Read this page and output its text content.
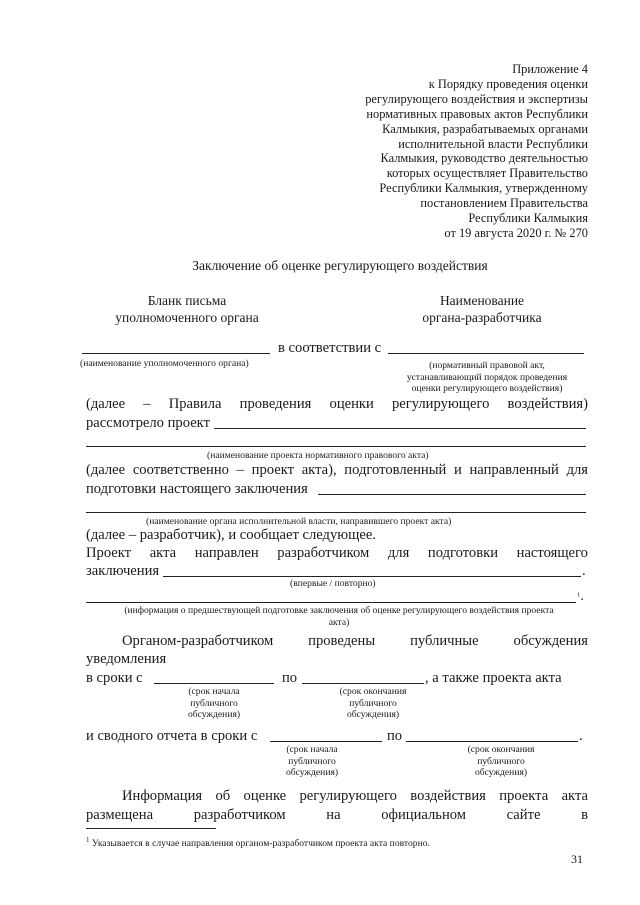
Приложение 4
к Порядку проведения оценки
регулирующего воздействия и экспертизы
нормативных правовых актов Республики
Калмыкия, разрабатываемых органами
исполнительной власти Республики
Калмыкия, руководство деятельностью
которых осуществляет Правительство
Республики Калмыкия, утвержденному
постановлением Правительства
Республики Калмыкия
от 19 августа 2020 г. № 270
Заключение об оценке регулирующего воздействия
Бланк письма
уполномоченного органа
Наименование
органа-разработчика
в соответствии с
(наименование уполномоченного органа)	(нормативный правовой акт,
устанавливающий порядок проведения
оценки регулирующего воздействия)
(далее – Правила проведения оценки регулирующего воздействия)
рассмотрело проект
(наименование проекта нормативного правового акта)
(далее соответственно – проект акта), подготовленный и направленный для
подготовки настоящего заключения
(наименование органа исполнительной власти, направившего проект акта)
(далее – разработчик), и сообщает следующее.
Проект акта направлен разработчиком для подготовки настоящего
заключения	.
(впервые / повторно)
$^1$.
(информация о предшествующей подготовке заключения об оценке регулирующего воздействия проекта
акта)
Органом-разработчиком проведены публичные обсуждения
уведомления
в сроки с	по	, а также проекта акта
(срок начала
публичного
обсуждения)
(срок окончания
публичного
обсуждения)
и сводного отчета в сроки с	по	.
(срок начала
публичного
обсуждения)
(срок окончания
публичного
обсуждения)
Информация об оценке регулирующего воздействия проекта акта
размещена	разработчиком	на	официальном	сайте	в
$^1$ Указывается в случае направления органом-разработчиком проекта акта повторно.
31
